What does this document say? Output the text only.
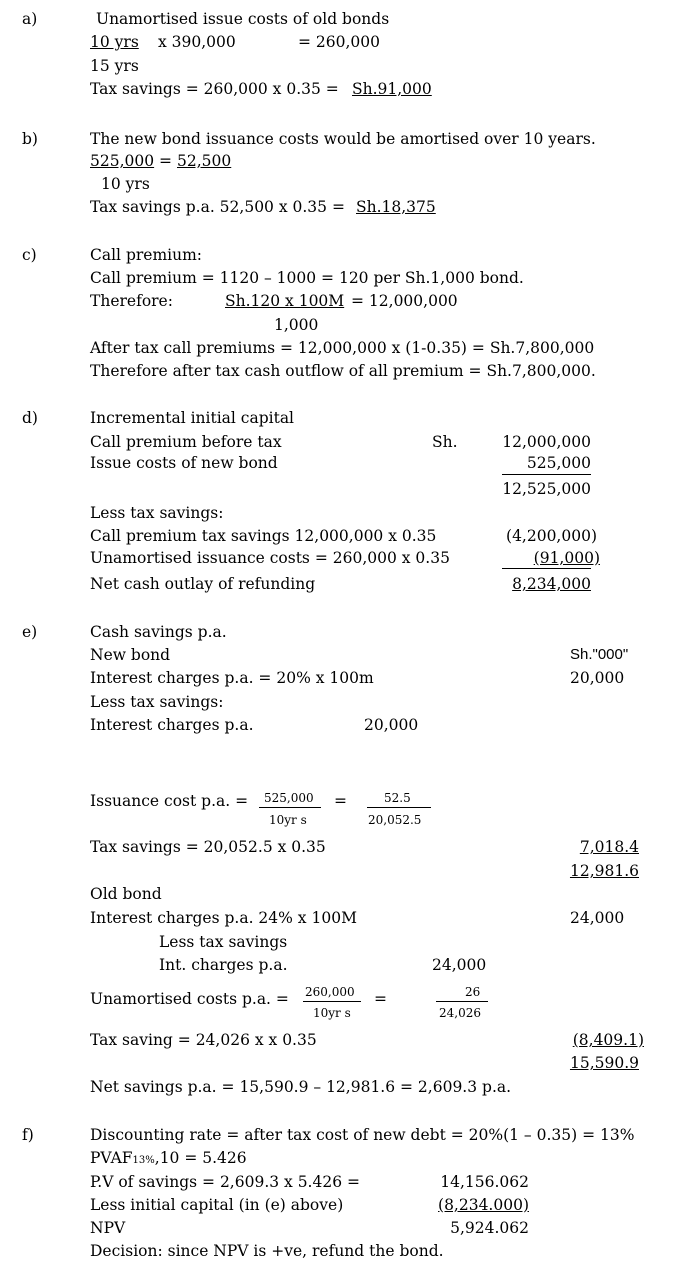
a)	Unamortised issue costs of old bonds
10 yrs x 390,000	= 260,000
15 yrs
Tax savings = 260,000 x 0.35 = Sh.91,000
b)	The new bond issuance costs would be amortised over 10 years.
525,000 = 52,500
10 yrs
Tax savings p.a. 52,500 x 0.35 = Sh.18,375
c)	Call premium:
Call premium = 1120 – 1000 = 120 per Sh.1,000 bond.
Therefore:	Sh.120 x 100M = 12,000,000
1,000
After tax call premiums = 12,000,000 x (1-0.35) = Sh.7,800,000
Therefore after tax cash outflow of all premium = Sh.7,800,000.
d)	Incremental initial capital
Call premium before tax	Sh.	12,000,000
Issue costs of new bond	525,000
12,525,000
Less tax savings:
Call premium tax savings 12,000,000 x 0.35	(4,200,000)
Unamortised issuance costs = 260,000 x 0.35	(91,000)
Net cash outlay of refunding	8,234,000
e)	Cash savings p.a.
New bond	Sh."000"
Interest charges p.a. = 20% x 100m	20,000
Less tax savings:
Interest charges p.a.	20,000
Issuance cost p.a. = 525,000
10yr s
=	52.5
20,052.5
Tax savings = 20,052.5 x 0.35	7,018.4
12,981.6
Old bond
Interest charges p.a. 24% x 100M	24,000
Less tax savings
Int. charges p.a.	24,000
Unamortised costs p.a. = 260,000
10yr s
=	26
24,026
Tax saving = 24,026 x x 0.35	(8,409.1)
15,590.9
Net savings p.a. = 15,590.9 – 12,981.6 = 2,609.3 p.a.
f)	Discounting rate = after tax cost of new debt = 20%(1 – 0.35) = 13%
PVAF13%,10 = 5.426
P.V of savings = 2,609.3 x 5.426 =	14,156.062
Less initial capital (in (e) above)	(8,234.000)
NPV	5,924.062
Decision: since NPV is +ve, refund the bond.
